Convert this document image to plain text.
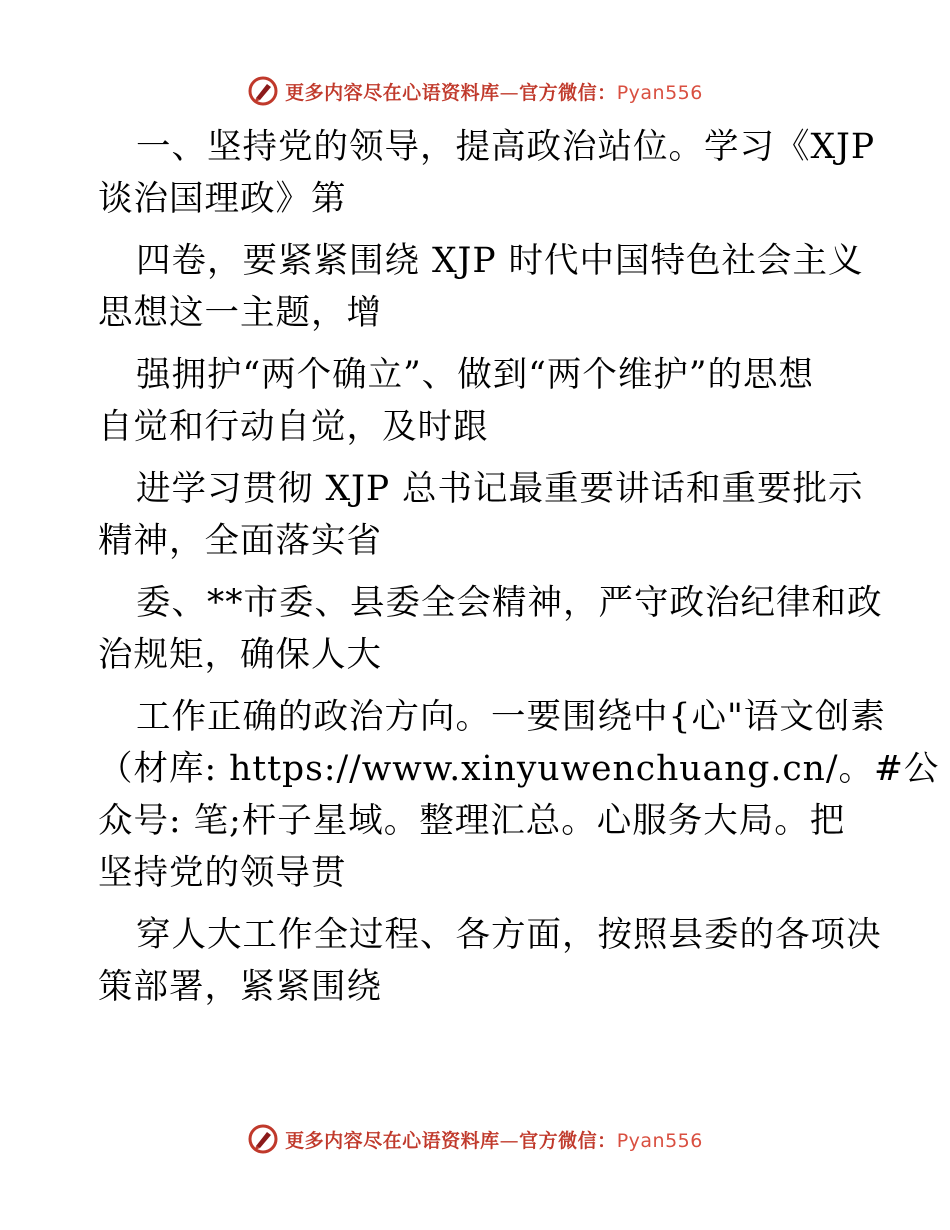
更多内容尽在心语资料库—官方微信：Pyan556

一、坚持党的领导，提高政治站位。学习《XJP
谈治国理政》第

四卷，要紧紧围绕 XJP 时代中国特色社会主义
思想这一主题，增

强拥护“两个确立”、做到“两个维护”的思想
自觉和行动自觉，及时跟

进学习贯彻 XJP 总书记最重要讲话和重要批示
精神，全面落实省

委、**市委、县委全会精神，严守政治纪律和政
治规矩，确保人大

工作正确的政治方向。一要围绕中{心"语文创素
（材库: https://www.xinyuwenchuang.cn/。#公
众号: 笔;杆子星域。整理汇总。心服务大局。把
坚持党的领导贯

穿人大工作全过程、各方面，按照县委的各项决
策部署，紧紧围绕

更多内容尽在心语资料库—官方微信：Pyan556
